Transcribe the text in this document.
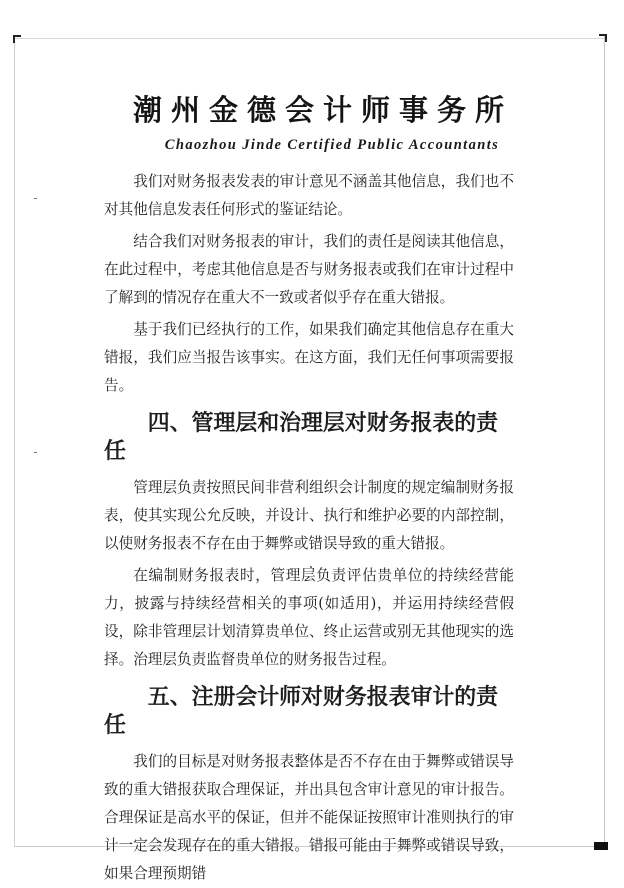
潮州金德会计师事务所
Chaozhou Jinde Certified Public Accountants

我们对财务报表发表的审计意见不涵盖其他信息，我们也不对其他信息发表任何形式的鉴证结论。

结合我们对财务报表的审计，我们的责任是阅读其他信息，在此过程中，考虑其他信息是否与财务报表或我们在审计过程中了解到的情况存在重大不一致或者似乎存在重大错报。

基于我们已经执行的工作，如果我们确定其他信息存在重大错报，我们应当报告该事实。在这方面，我们无任何事项需要报告。

四、管理层和治理层对财务报表的责任

管理层负责按照民间非营利组织会计制度的规定编制财务报表，使其实现公允反映，并设计、执行和维护必要的内部控制，以使财务报表不存在由于舞弊或错误导致的重大错报。

在编制财务报表时，管理层负责评估贵单位的持续经营能力，披露与持续经营相关的事项(如适用)，并运用持续经营假设，除非管理层计划清算贵单位、终止运营或别无其他现实的选择。治理层负责监督贵单位的财务报告过程。

五、注册会计师对财务报表审计的责任

我们的目标是对财务报表整体是否不存在由于舞弊或错误导致的重大错报获取合理保证，并出具包含审计意见的审计报告。合理保证是高水平的保证，但并不能保证按照审计准则执行的审计一定会发现存在的重大错报。错报可能由于舞弊或错误导致，如果合理预期错
